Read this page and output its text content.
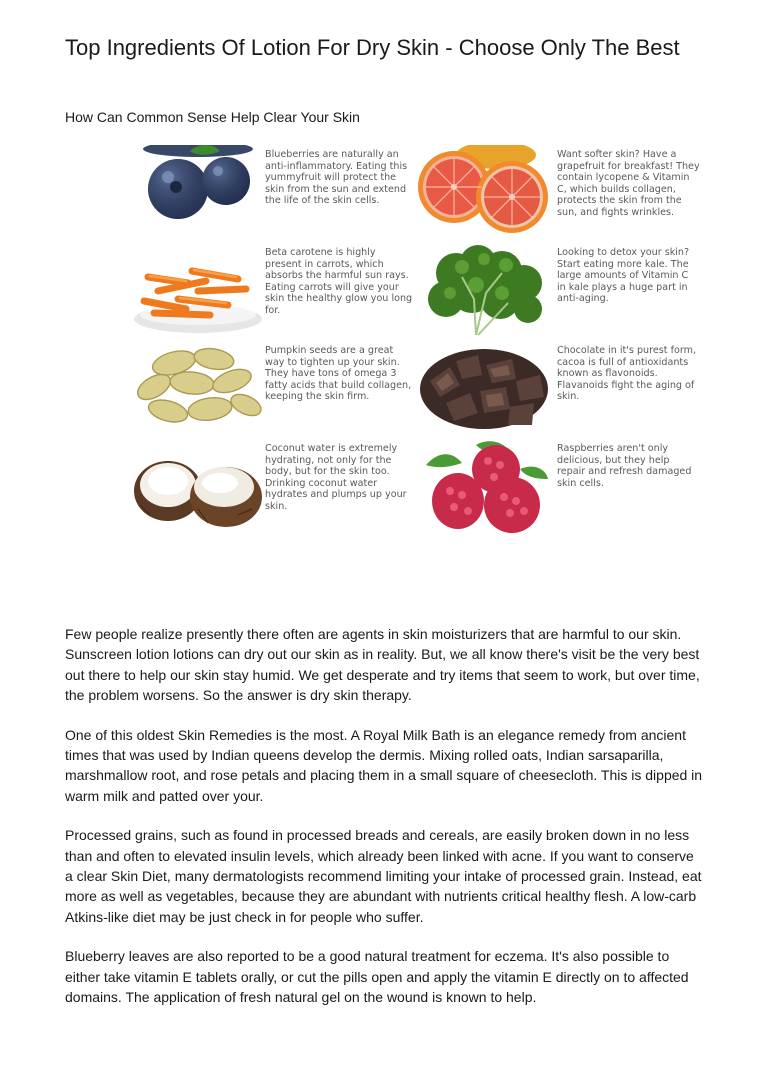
Top Ingredients Of Lotion For Dry Skin - Choose Only The Best

How Can Common Sense Help Clear Your Skin

Blueberries are naturally an anti-inflammatory. Eating this yummyfruit will protect the skin from the sun and extend the life of the skin cells.
Want softer skin? Have a grapefruit for breakfast! They contain lycopene & Vitamin C, which builds collagen, protects the skin from the sun, and fights wrinkles.
Beta carotene is highly present in carrots, which absorbs the harmful sun rays. Eating carrots will give your skin the healthy glow you long for.
Looking to detox your skin? Start eating more kale. The large amounts of Vitamin C in kale plays a huge part in anti-aging.
Pumpkin seeds are a great way to tighten up your skin. They have tons of omega 3 fatty acids that build collagen, keeping the skin firm.
Chocolate in it's purest form, cacoa is full of antioxidants known as flavonoids. Flavanoids fight the aging of skin.
Coconut water is extremely hydrating, not only for the body, but for the skin too. Drinking coconut water hydrates and plumps up your skin.
Raspberries aren't only delicious, but they help repair and refresh damaged skin cells.

Few people realize presently there often are agents in skin moisturizers that are harmful to our skin. Sunscreen lotion lotions can dry out our skin as in reality. But, we all know there's visit be the very best out there to help our skin stay humid. We get desperate and try items that seem to work, but over time, the problem worsens. So the answer is dry skin therapy.

One of this oldest Skin Remedies is the most. A Royal Milk Bath is an elegance remedy from ancient times that was used by Indian queens develop the dermis. Mixing rolled oats, Indian sarsaparilla, marshmallow root, and rose petals and placing them in a small square of cheesecloth. This is dipped in warm milk and patted over your.

Processed grains, such as found in processed breads and cereals, are easily broken down in no less than and often to elevated insulin levels, which already been linked with acne. If you want to conserve a clear Skin Diet, many dermatologists recommend limiting your intake of processed grain. Instead, eat more as well as vegetables, because they are abundant with nutrients critical healthy flesh. A low-carb Atkins-like diet may be just check in for people who suffer.

Blueberry leaves are also reported to be a good natural treatment for eczema. It's also possible to either take vitamin E tablets orally, or cut the pills open and apply the vitamin E directly on to affected domains. The application of fresh natural gel on the wound is known to help.
